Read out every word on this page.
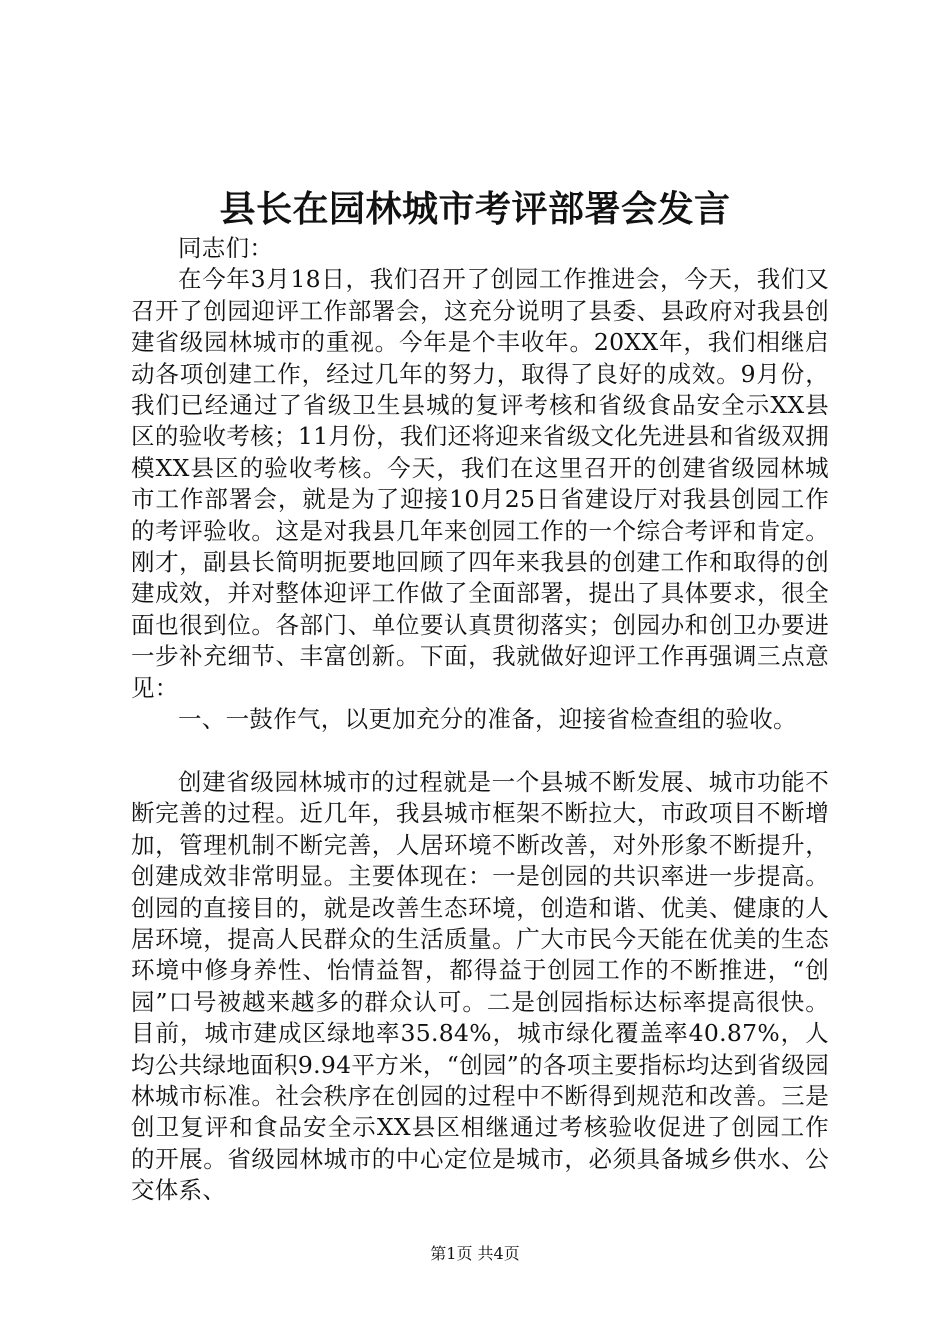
县长在园林城市考评部署会发言

同志们：

在今年3月18日，我们召开了创园工作推进会，今天，我们又召开了创园迎评工作部署会，这充分说明了县委、县政府对我县创建省级园林城市的重视。今年是个丰收年。20XX年，我们相继启动各项创建工作，经过几年的努力，取得了良好的成效。9月份，我们已经通过了省级卫生县城的复评考核和省级食品安全示XX县区的验收考核；11月份，我们还将迎来省级文化先进县和省级双拥模XX县区的验收考核。今天，我们在这里召开的创建省级园林城市工作部署会，就是为了迎接10月25日省建设厅对我县创园工作的考评验收。这是对我县几年来创园工作的一个综合考评和肯定。刚才，副县长简明扼要地回顾了四年来我县的创建工作和取得的创建成效，并对整体迎评工作做了全面部署，提出了具体要求，很全面也很到位。各部门、单位要认真贯彻落实；创园办和创卫办要进一步补充细节、丰富创新。下面，我就做好迎评工作再强调三点意见：

一、一鼓作气，以更加充分的准备，迎接省检查组的验收。

创建省级园林城市的过程就是一个县城不断发展、城市功能不断完善的过程。近几年，我县城市框架不断拉大，市政项目不断增加，管理机制不断完善，人居环境不断改善，对外形象不断提升，创建成效非常明显。主要体现在：一是创园的共识率进一步提高。创园的直接目的，就是改善生态环境，创造和谐、优美、健康的人居环境，提高人民群众的生活质量。广大市民今天能在优美的生态环境中修身养性、怡情益智，都得益于创园工作的不断推进，“创园”口号被越来越多的群众认可。二是创园指标达标率提高很快。目前，城市建成区绿地率35.84%，城市绿化覆盖率40.87%，人均公共绿地面积9.94平方米，“创园”的各项主要指标均达到省级园林城市标准。社会秩序在创园的过程中不断得到规范和改善。三是创卫复评和食品安全示XX县区相继通过考核验收促进了创园工作的开展。省级园林城市的中心定位是城市，必须具备城乡供水、公交体系、

第1页 共4页
